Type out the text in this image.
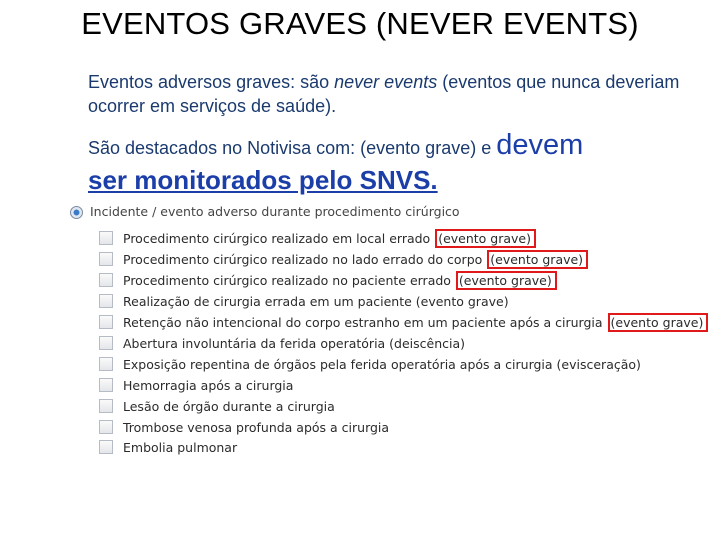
EVENTOS GRAVES (NEVER EVENTS)
Eventos adversos graves: são never events (eventos que nunca deveriam ocorrer em serviços de saúde).
São destacados no Notivisa com: (evento grave) e devem
ser monitorados pelo SNVS.
Incidente / evento adverso durante procedimento cirúrgico
Procedimento cirúrgico realizado em local errado (evento grave)
Procedimento cirúrgico realizado no lado errado do corpo (evento grave)
Procedimento cirúrgico realizado no paciente errado (evento grave)
Realização de cirurgia errada em um paciente (evento grave)
Retenção não intencional do corpo estranho em um paciente após a cirurgia (evento grave)
Abertura involuntária da ferida operatória (deiscência)
Exposição repentina de órgãos pela ferida operatória após a cirurgia (evisceração)
Hemorragia após a cirurgia
Lesão de órgão durante a cirurgia
Trombose venosa profunda após a cirurgia
Embolia pulmonar
